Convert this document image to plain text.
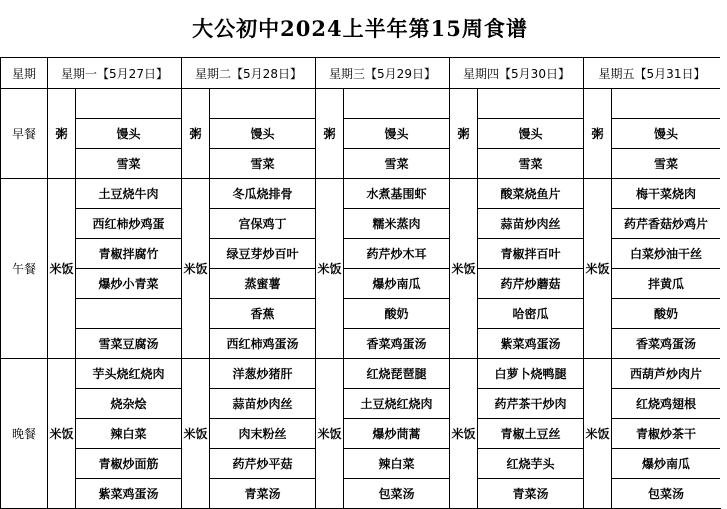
大公初中2024上半年第15周食谱
星期	星期一【5月27日】		星期二【5月28日】		星期三【5月29日】		星期四【5月30日】		星期五【5月31日】	
早餐	粥		粥		粥		粥		粥	
		馒头		馒头		馒头		馒头		馒头
		雪菜		雪菜		雪菜		雪菜		雪菜
午餐	米饭	土豆烧牛肉	米饭	冬瓜烧排骨	米饭	水煮基围虾	米饭	酸菜烧鱼片	米饭	梅干菜烧肉
		西红柿炒鸡蛋		宫保鸡丁		糯米蒸肉		蒜苗炒肉丝		药芹香菇炒鸡片
		青椒拌腐竹		绿豆芽炒百叶		药芹炒木耳		青椒拌百叶		白菜炒油干丝
		爆炒小青菜		蒸蜜薯		爆炒南瓜		药芹炒蘑菇		拌黄瓜
				香蕉		酸奶		哈密瓜		酸奶
		雪菜豆腐汤		西红柿鸡蛋汤		香菜鸡蛋汤		紫菜鸡蛋汤		香菜鸡蛋汤
晚餐	米饭	芋头烧红烧肉	米饭	洋葱炒猪肝	米饭	红烧琵琶腿	米饭	白萝卜烧鸭腿	米饭	西葫芦炒肉片
		烧杂烩		蒜苗炒肉丝		土豆烧红烧肉		药芹茶干炒肉		红烧鸡翅根
		辣白菜		肉末粉丝		爆炒茼蒿		青椒土豆丝		青椒炒茶干
		青椒炒面筋		药芹炒平菇		辣白菜		红烧芋头		爆炒南瓜
		紫菜鸡蛋汤		青菜汤		包菜汤		青菜汤		包菜汤
